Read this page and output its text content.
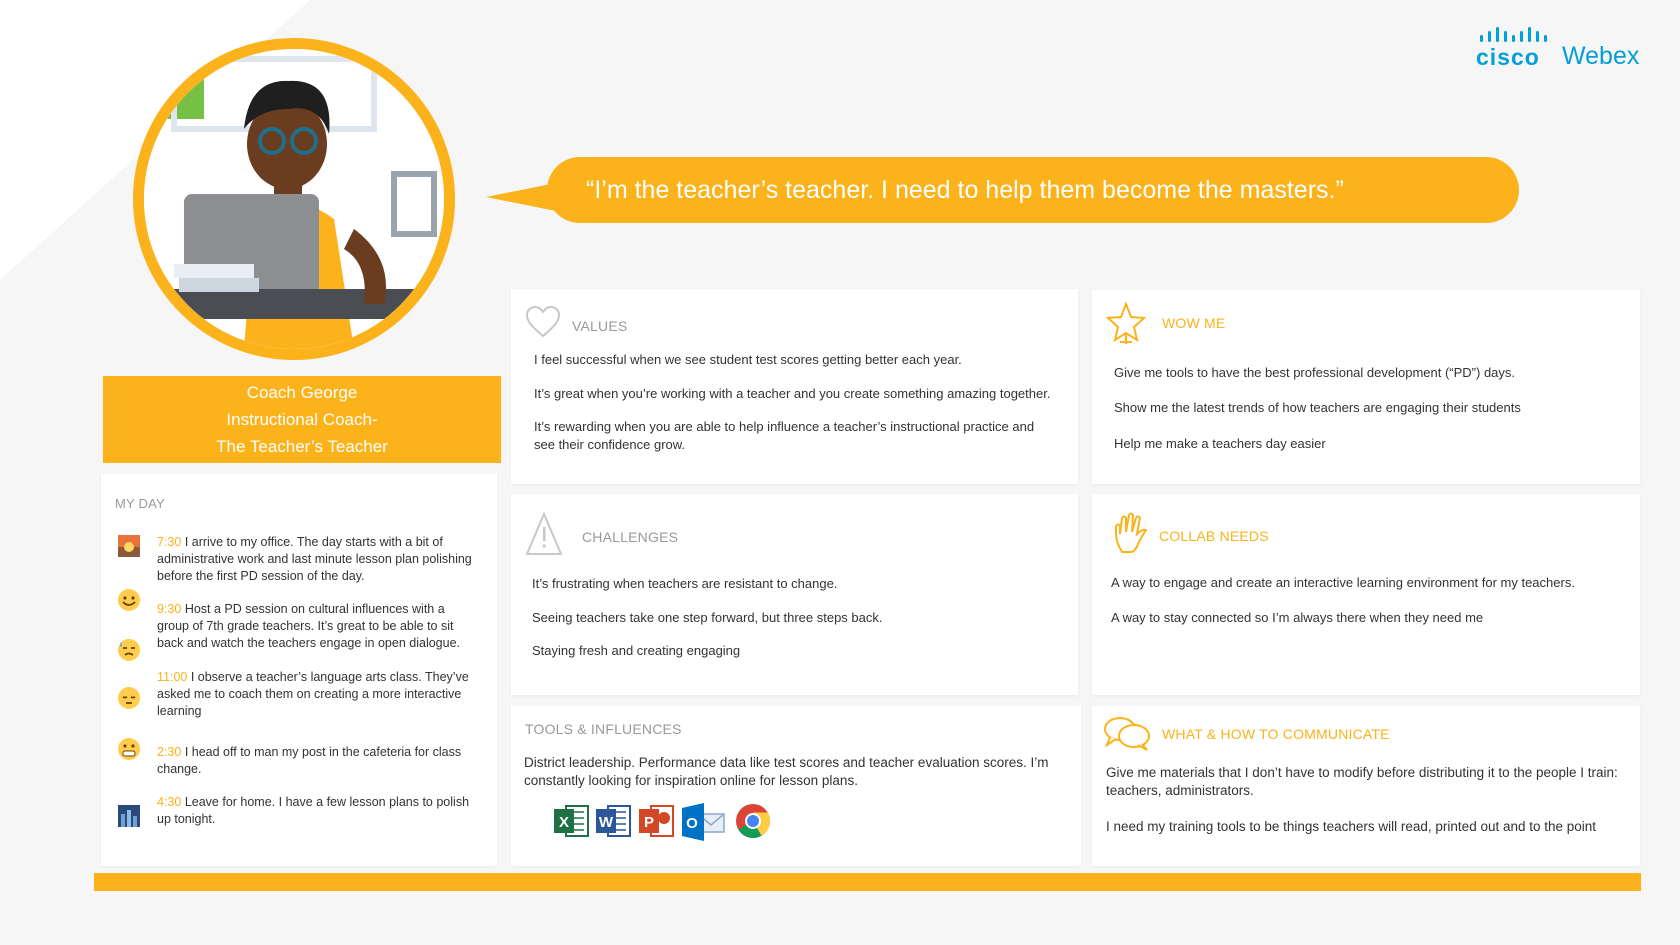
cisco Webex
Coach George
Instructional Coach-
The Teacher’s Teacher
“I’m the teacher’s teacher. I need to help them become the masters.”
MY DAY
7:30 I arrive to my office. The day starts with a bit of administrative work and last minute lesson plan polishing before the first PD session of the day.
9:30 Host a PD session on cultural influences with a group of 7th grade teachers. It’s great to be able to sit back and watch the teachers engage in open dialogue.
11:00 I observe a teacher’s language arts class. They’ve asked me to coach them on creating a more interactive learning
2:30 I head off to man my post in the cafeteria for class change.
4:30 Leave for home. I have a few lesson plans to polish up tonight.
VALUES
I feel successful when we see student test scores getting better each year.
It’s great when you’re working with a teacher and you create something amazing together.
It’s rewarding when you are able to help influence a teacher’s instructional practice and see their confidence grow.
CHALLENGES
It’s frustrating when teachers are resistant to change.
Seeing teachers take one step forward, but three steps back.
Staying fresh and creating engaging
TOOLS & INFLUENCES
District leadership. Performance data like test scores and teacher evaluation scores. I’m constantly looking for inspiration online for lesson plans.
X W P O
WOW ME
Give me tools to have the best professional development (“PD”) days.
Show me the latest trends of how teachers are engaging their students
Help me make a teachers day easier
COLLAB NEEDS
A way to engage and create an interactive learning environment for my teachers.
A way to stay connected so I’m always there when they need me
WHAT & HOW TO COMMUNICATE
Give me materials that I don’t have to modify before distributing it to the people I train: teachers, administrators.
I need my training tools to be things teachers will read, printed out and to the point
